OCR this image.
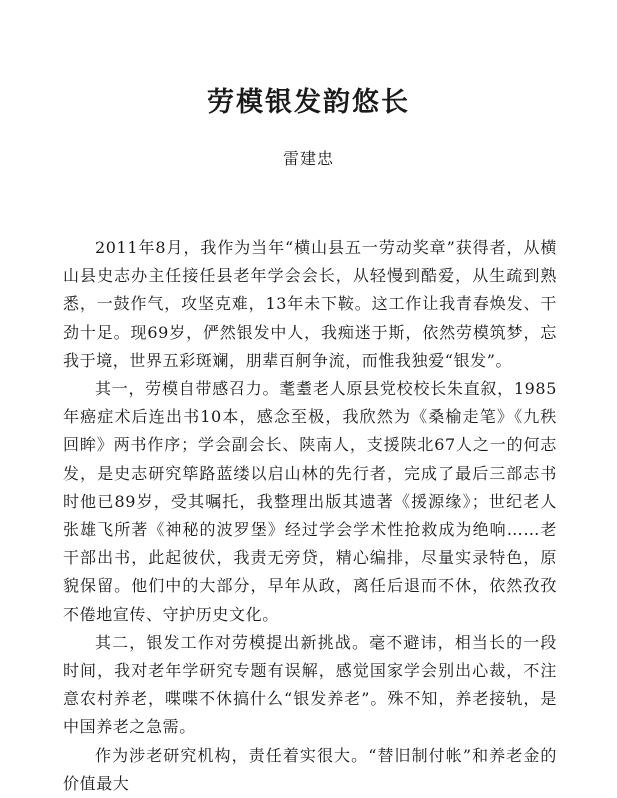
劳模银发韵悠长
雷建忠

2011年8月，我作为当年“横山县五一劳动奖章”获得者，从横山县史志办主任接任县老年学会会长，从轻慢到酷爱，从生疏到熟悉，一鼓作气，攻坚克难，13年未下鞍。这工作让我青春焕发、干劲十足。现69岁，俨然银发中人，我痴迷于斯，依然劳模筑梦，忘我于境，世界五彩斑斓，朋辈百舸争流，而惟我独爱“银发”。

其一，劳模自带感召力。耄耋老人原县党校校长朱直叙，1985年癌症术后连出书10本，感念至极，我欣然为《桑榆走笔》《九秩回眸》两书作序；学会副会长、陕南人，支援陕北67人之一的何志发，是史志研究筚路蓝缕以启山林的先行者，完成了最后三部志书时他已89岁，受其嘱托，我整理出版其遗著《援源缘》；世纪老人张雄飞所著《神秘的波罗堡》经过学会学术性抢救成为绝响……老干部出书，此起彼伏，我责无旁贷，精心编排，尽量实录特色，原貌保留。他们中的大部分，早年从政，离任后退而不休，依然孜孜不倦地宣传、守护历史文化。

其二，银发工作对劳模提出新挑战。毫不避讳，相当长的一段时间，我对老年学研究专题有误解，感觉国家学会别出心裁，不注意农村养老，喋喋不休搞什么“银发养老”。殊不知，养老接轨，是中国养老之急需。

作为涉老研究机构，责任着实很大。“替旧制付帐”和养老金的价值最大
